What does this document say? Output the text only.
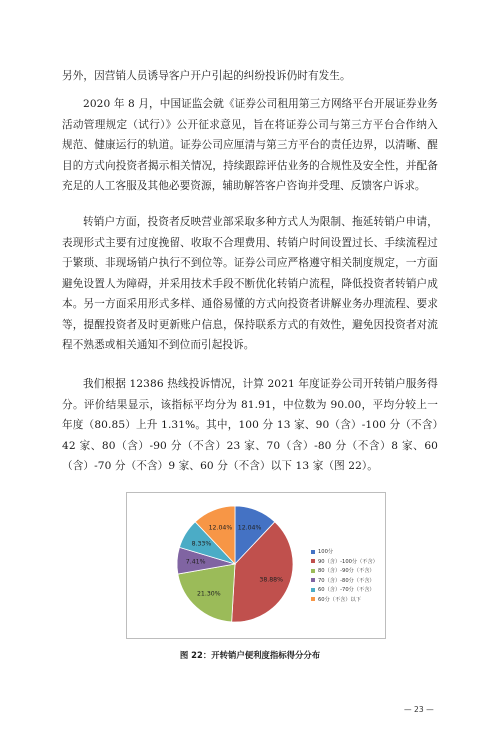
另外，因营销人员诱导客户开户引起的纠纷投诉仍时有发生。
2020 年 8 月，中国证监会就《证券公司租用第三方网络平台开展证券业务活动管理规定（试行）》公开征求意见，旨在将证券公司与第三方平台合作纳入规范、健康运行的轨道。证券公司应厘清与第三方平台的责任边界，以清晰、醒目的方式向投资者揭示相关情况，持续跟踪评估业务的合规性及安全性，并配备充足的人工客服及其他必要资源，辅助解答客户咨询并受理、反馈客户诉求。
转销户方面，投资者反映营业部采取多种方式人为限制、拖延转销户申请，表现形式主要有过度挽留、收取不合理费用、转销户时间设置过长、手续流程过于繁琐、非现场销户执行不到位等。证券公司应严格遵守相关制度规定，一方面避免设置人为障碍，并采用技术手段不断优化转销户流程，降低投资者转销户成本。另一方面采用形式多样、通俗易懂的方式向投资者讲解业务办理流程、要求等，提醒投资者及时更新账户信息，保持联系方式的有效性，避免因投资者对流程不熟悉或相关通知不到位而引起投诉。
我们根据 12386 热线投诉情况，计算 2021 年度证券公司开转销户服务得分。评价结果显示，该指标平均分为 81.91，中位数为 90.00，平均分较上一年度（80.85）上升 1.31%。其中，100 分 13 家、90（含）-100 分（不含）42 家、80（含）-90 分（不含）23 家、70（含）-80 分（不含）8 家、60（含）-70 分（不含）9 家、60 分（不含）以下 13 家（图 22）。
12.04%
38.88%
21.30%
7.41%
8.33%
12.04%
100分
90（含）-100分（不含）
80（含）-90分（不含）
70（含）-80分（不含）
60（含）-70分（不含）
60分（不含）以下
图 22：开转销户便利度指标得分分布
— 23 —
